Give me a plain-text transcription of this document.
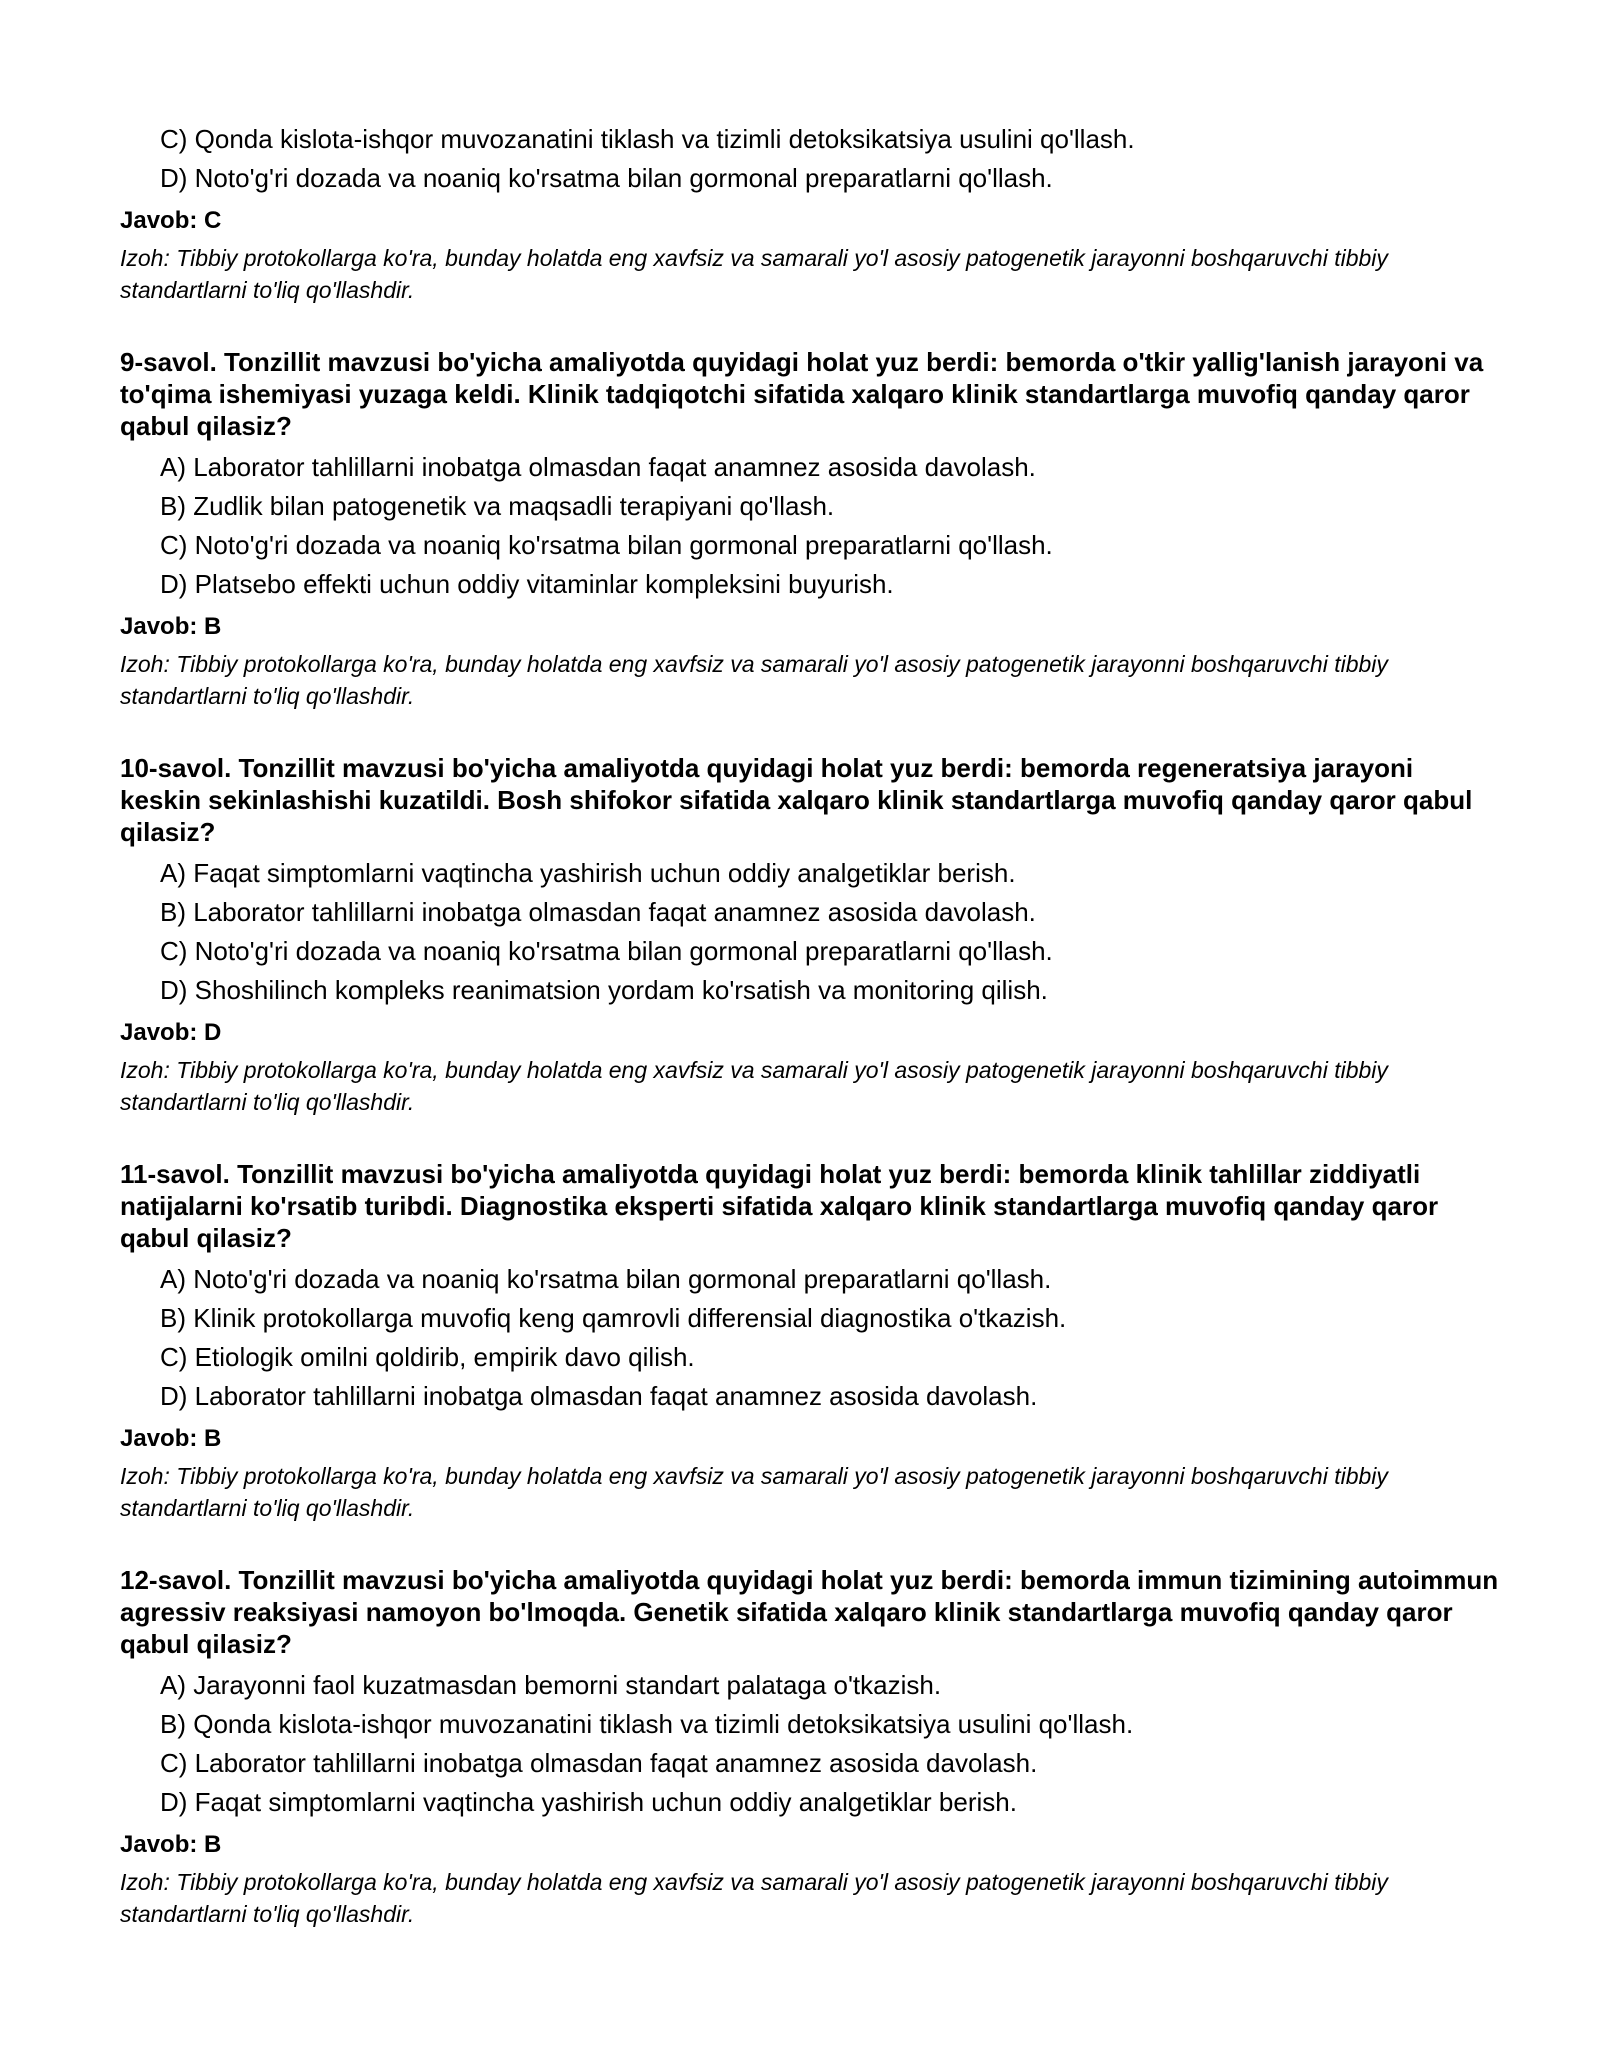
C) Qonda kislota-ishqor muvozanatini tiklash va tizimli detoksikatsiya usulini qo'llash.
D) Noto'g'ri dozada va noaniq ko'rsatma bilan gormonal preparatlarni qo'llash.
Javob: C
Izoh: Tibbiy protokollarga ko'ra, bunday holatda eng xavfsiz va samarali yo'l asosiy patogenetik jarayonni boshqaruvchi tibbiy standartlarni to'liq qo'llashdir.
9-savol. Tonzillit mavzusi bo'yicha amaliyotda quyidagi holat yuz berdi: bemorda o'tkir yallig'lanish jarayoni va to'qima ishemiyasi yuzaga keldi. Klinik tadqiqotchi sifatida xalqaro klinik standartlarga muvofiq qanday qaror qabul qilasiz?
A) Laborator tahlillarni inobatga olmasdan faqat anamnez asosida davolash.
B) Zudlik bilan patogenetik va maqsadli terapiyani qo'llash.
C) Noto'g'ri dozada va noaniq ko'rsatma bilan gormonal preparatlarni qo'llash.
D) Platsebo effekti uchun oddiy vitaminlar kompleksini buyurish.
Javob: B
Izoh: Tibbiy protokollarga ko'ra, bunday holatda eng xavfsiz va samarali yo'l asosiy patogenetik jarayonni boshqaruvchi tibbiy standartlarni to'liq qo'llashdir.
10-savol. Tonzillit mavzusi bo'yicha amaliyotda quyidagi holat yuz berdi: bemorda regeneratsiya jarayoni keskin sekinlashishi kuzatildi. Bosh shifokor sifatida xalqaro klinik standartlarga muvofiq qanday qaror qabul qilasiz?
A) Faqat simptomlarni vaqtincha yashirish uchun oddiy analgetiklar berish.
B) Laborator tahlillarni inobatga olmasdan faqat anamnez asosida davolash.
C) Noto'g'ri dozada va noaniq ko'rsatma bilan gormonal preparatlarni qo'llash.
D) Shoshilinch kompleks reanimatsion yordam ko'rsatish va monitoring qilish.
Javob: D
Izoh: Tibbiy protokollarga ko'ra, bunday holatda eng xavfsiz va samarali yo'l asosiy patogenetik jarayonni boshqaruvchi tibbiy standartlarni to'liq qo'llashdir.
11-savol. Tonzillit mavzusi bo'yicha amaliyotda quyidagi holat yuz berdi: bemorda klinik tahlillar ziddiyatli natijalarni ko'rsatib turibdi. Diagnostika eksperti sifatida xalqaro klinik standartlarga muvofiq qanday qaror qabul qilasiz?
A) Noto'g'ri dozada va noaniq ko'rsatma bilan gormonal preparatlarni qo'llash.
B) Klinik protokollarga muvofiq keng qamrovli differensial diagnostika o'tkazish.
C) Etiologik omilni qoldirib, empirik davo qilish.
D) Laborator tahlillarni inobatga olmasdan faqat anamnez asosida davolash.
Javob: B
Izoh: Tibbiy protokollarga ko'ra, bunday holatda eng xavfsiz va samarali yo'l asosiy patogenetik jarayonni boshqaruvchi tibbiy standartlarni to'liq qo'llashdir.
12-savol. Tonzillit mavzusi bo'yicha amaliyotda quyidagi holat yuz berdi: bemorda immun tizimining autoimmun agressiv reaksiyasi namoyon bo'lmoqda. Genetik sifatida xalqaro klinik standartlarga muvofiq qanday qaror qabul qilasiz?
A) Jarayonni faol kuzatmasdan bemorni standart palataga o'tkazish.
B) Qonda kislota-ishqor muvozanatini tiklash va tizimli detoksikatsiya usulini qo'llash.
C) Laborator tahlillarni inobatga olmasdan faqat anamnez asosida davolash.
D) Faqat simptomlarni vaqtincha yashirish uchun oddiy analgetiklar berish.
Javob: B
Izoh: Tibbiy protokollarga ko'ra, bunday holatda eng xavfsiz va samarali yo'l asosiy patogenetik jarayonni boshqaruvchi tibbiy standartlarni to'liq qo'llashdir.
